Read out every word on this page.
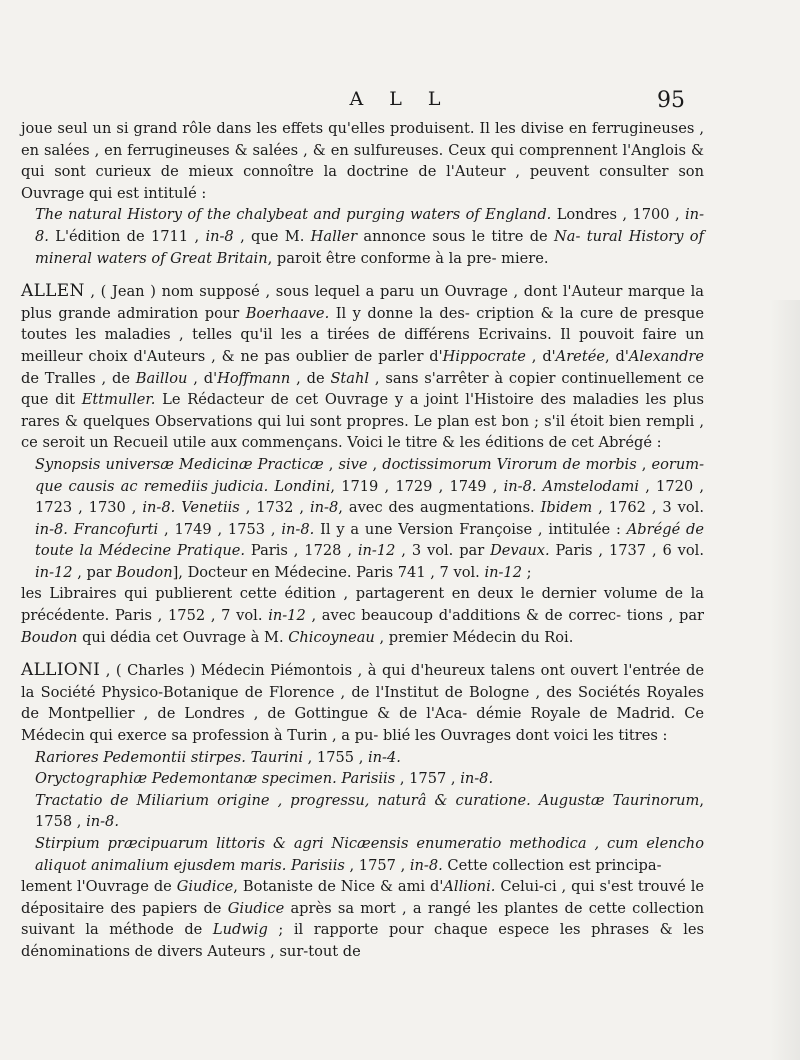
A L L	95

joue seul un si grand rôle dans les effets qu'elles produisent. Il les divise en ferrugineuses , en salées , en ferrugineuses & salées , & en sulfureuses. Ceux qui comprennent l'Anglois & qui sont curieux de mieux connoître la doctrine de l'Auteur , peuvent consulter son Ouvrage qui est intitulé :

The natural History of the chalybeat and purging waters of England. Londres , 1700 , in-8. L'édition de 1711 , in-8 , que M. Haller annonce sous le titre de Na- tural History of mineral waters of Great Britain, paroit être conforme à la pre- miere.

ALLEN , ( Jean ) nom supposé , sous lequel a paru un Ouvrage , dont l'Auteur marque la plus grande admiration pour Boerhaave. Il y donne la des- cription & la cure de presque toutes les maladies , telles qu'il les a tirées de différens Ecrivains. Il pouvoit faire un meilleur choix d'Auteurs , & ne pas oublier de parler d'Hippocrate , d'Aretée, d'Alexandre de Tralles , de Baillou , d'Hoffmann , de Stahl , sans s'arrêter à copier continuellement ce que dit Ettmuller. Le Rédacteur de cet Ouvrage y a joint l'Histoire des maladies les plus rares & quelques Observations qui lui sont propres. Le plan est bon ; s'il étoit bien rempli , ce seroit un Recueil utile aux commençans. Voici le titre & les éditions de cet Abrégé :

Synopsis universæ Medicinæ Practicæ , sive , doctissimorum Virorum de morbis , eorum- que causis ac remediis judicia. Londini, 1719 , 1729 , 1749 , in-8. Amstelodami , 1720 , 1723 , 1730 , in-8. Venetiis , 1732 , in-8, avec des augmentations. Ibidem , 1762 , 3 vol. in-8. Francofurti , 1749 , 1753 , in-8. Il y a une Version Françoise , intitulée : Abrégé de toute la Médecine Pratique. Paris , 1728 , in-12 , 3 vol. par Devaux. Paris , 1737 , 6 vol. in-12 , par Boudon], Docteur en Médecine. Paris 741 , 7 vol. in-12 ;

les Libraires qui publierent cette édition , partagerent en deux le dernier volume de la précédente. Paris , 1752 , 7 vol. in-12 , avec beaucoup d'additions & de correc- tions , par Boudon qui dédia cet Ouvrage à M. Chicoyneau , premier Médecin du Roi.

ALLIONI , ( Charles ) Médecin Piémontois , à qui d'heureux talens ont ouvert l'entrée de la Société Physico-Botanique de Florence , de l'Institut de Bologne , des Sociétés Royales de Montpellier , de Londres , de Gottingue & de l'Aca- démie Royale de Madrid. Ce Médecin qui exerce sa profession à Turin , a pu- blié les Ouvrages dont voici les titres :

Rariores Pedemontii stirpes. Taurini , 1755 , in-4.
Oryctographiæ Pedemontanæ specimen. Parisiis , 1757 , in-8.
Tractatio de Miliarium origine , progressu, naturâ & curatione. Augustæ Taurinorum, 1758 , in-8.
Stirpium præcipuarum littoris & agri Nicæensis enumeratio methodica , cum elencho aliquot animalium ejusdem maris. Parisiis , 1757 , in-8. Cette collection est principa-

lement l'Ouvrage de Giudice, Botaniste de Nice & ami d'Allioni. Celui-ci , qui s'est trouvé le dépositaire des papiers de Giudice après sa mort , a rangé les plantes de cette collection suivant la méthode de Ludwig ; il rapporte pour chaque espece les phrases & les dénominations de divers Auteurs , sur-tout de
